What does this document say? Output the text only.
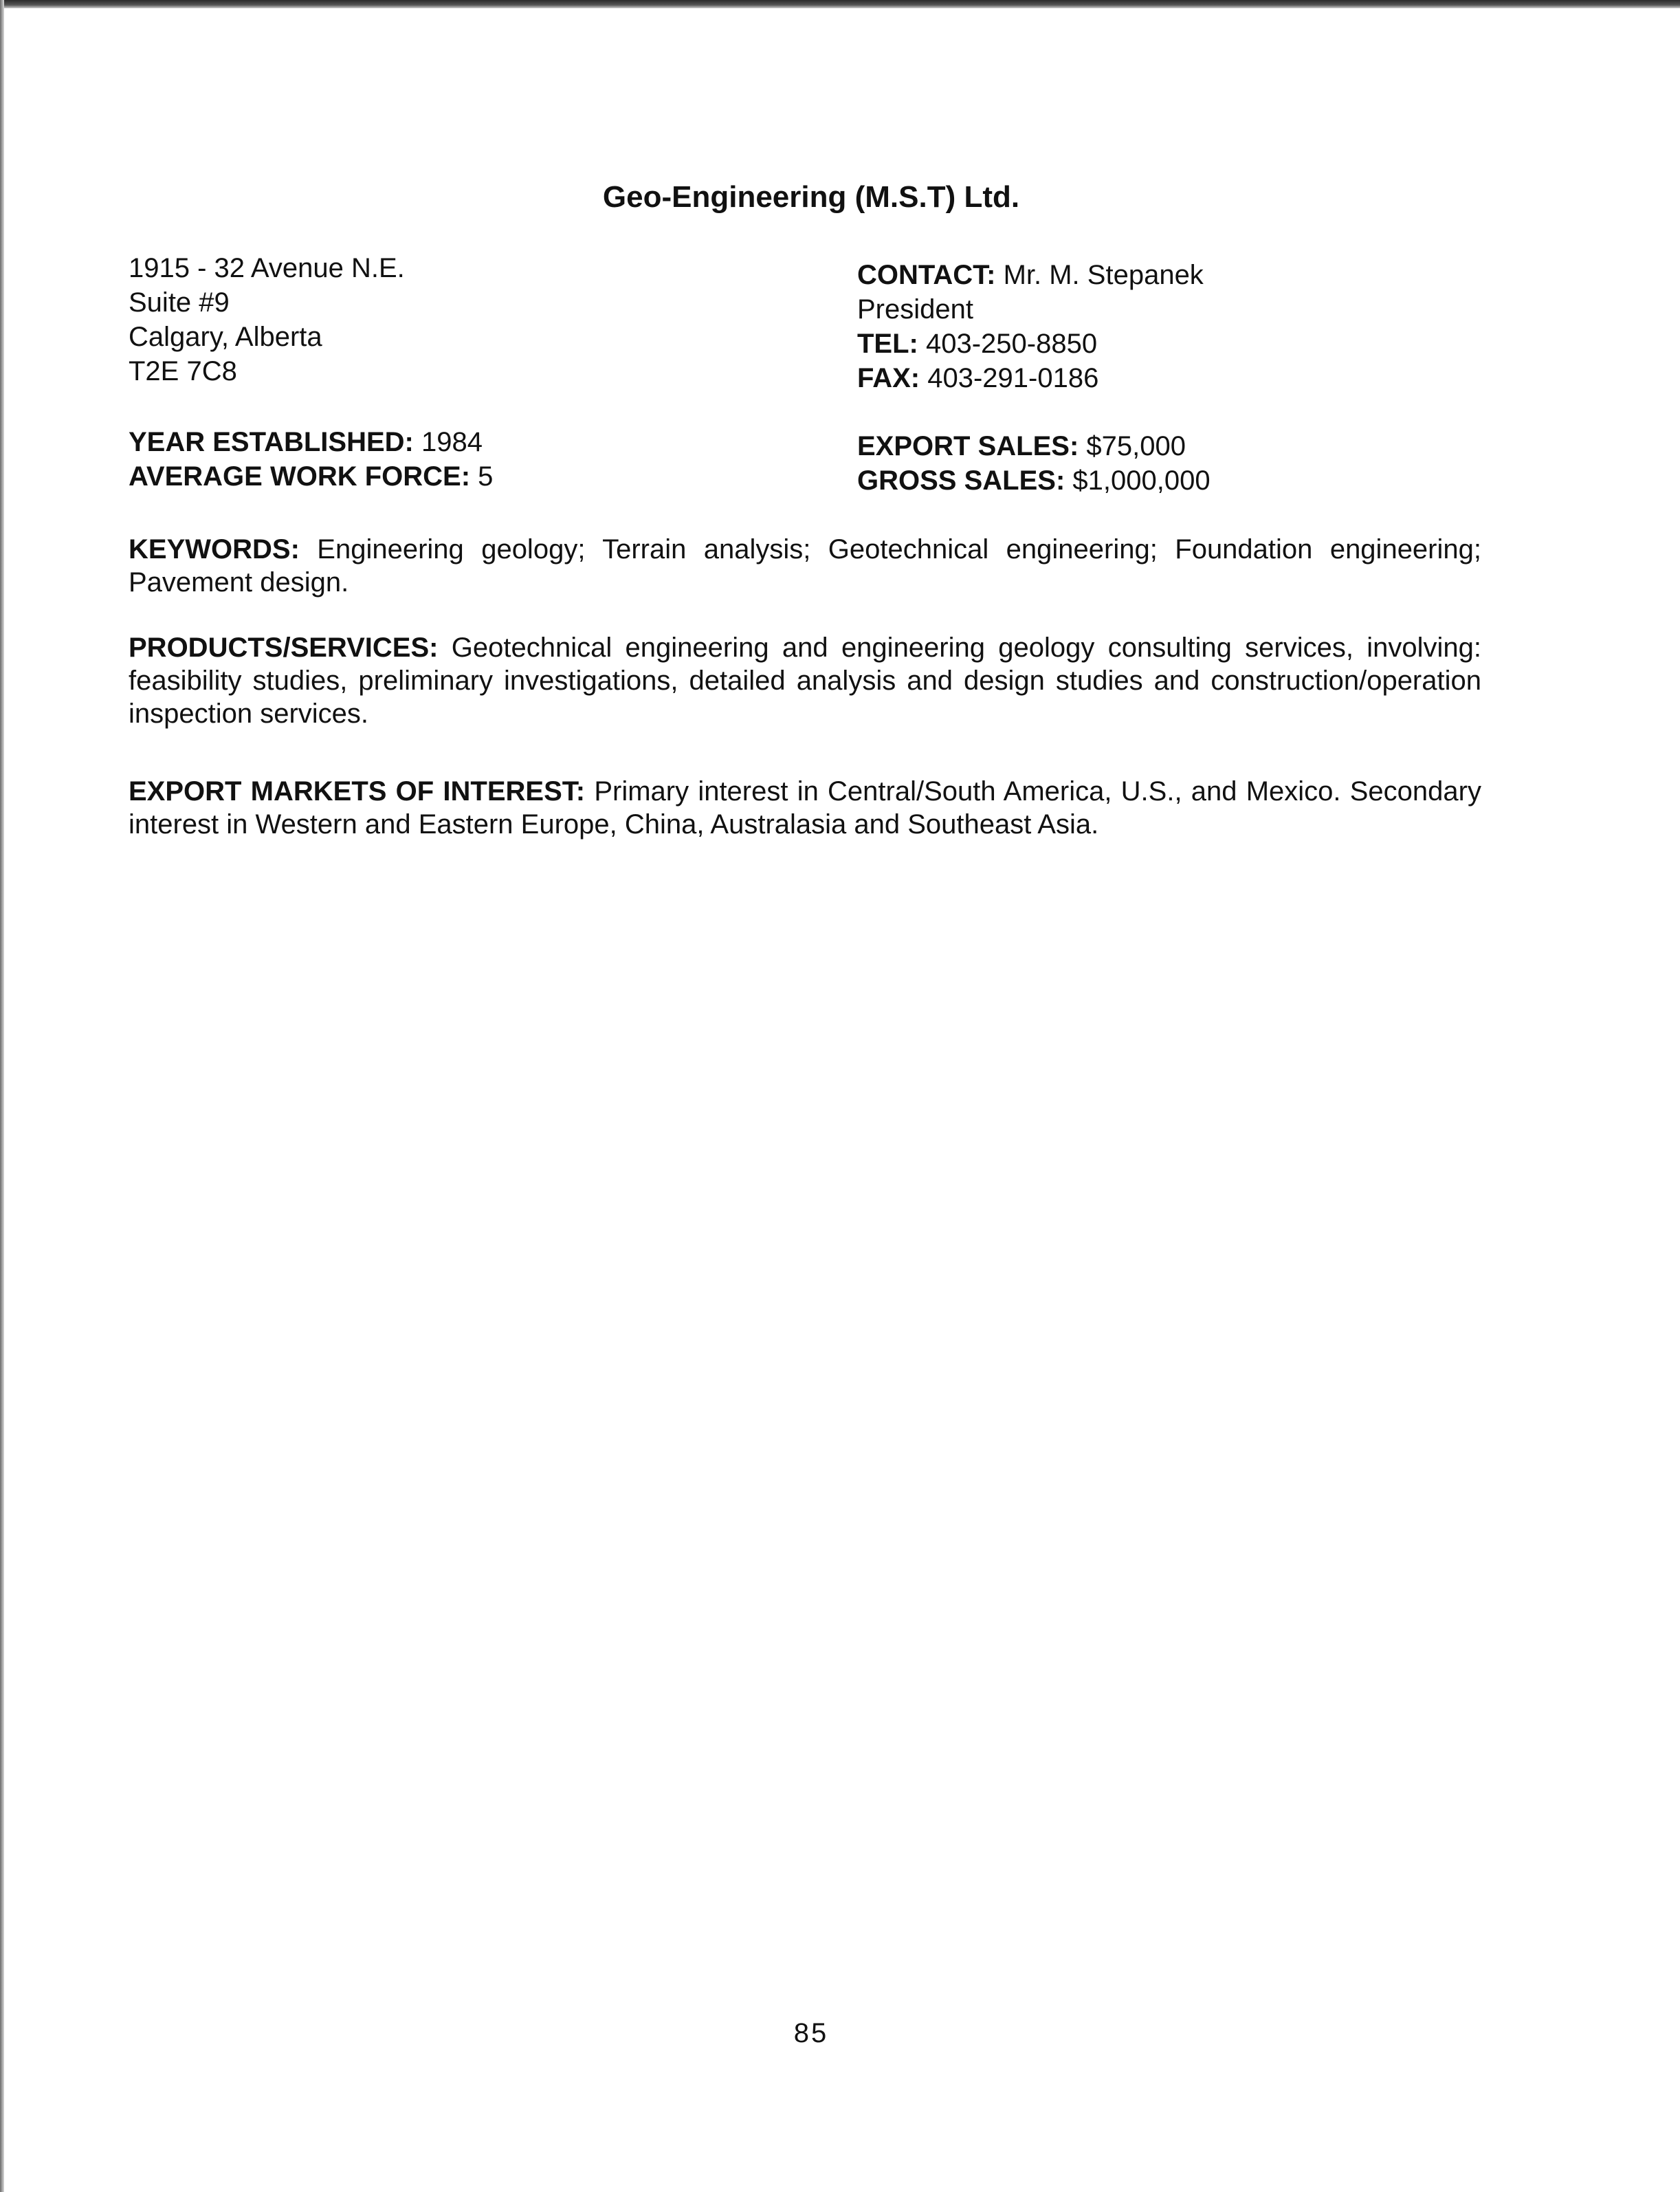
Geo-Engineering (M.S.T) Ltd.
1915 - 32 Avenue N.E.
Suite #9
Calgary, Alberta
T2E 7C8
CONTACT: Mr. M. Stepanek
President
TEL: 403-250-8850
FAX: 403-291-0186
YEAR ESTABLISHED: 1984
AVERAGE WORK FORCE: 5
EXPORT SALES: $75,000
GROSS SALES: $1,000,000
KEYWORDS: Engineering geology; Terrain analysis; Geotechnical engineering; Foundation engineering; Pavement design.
PRODUCTS/SERVICES: Geotechnical engineering and engineering geology consulting services, involving: feasibility studies, preliminary investigations, detailed analysis and design studies and construction/operation inspection services.
EXPORT MARKETS OF INTEREST: Primary interest in Central/South America, U.S., and Mexico. Secondary interest in Western and Eastern Europe, China, Australasia and Southeast Asia.
85
